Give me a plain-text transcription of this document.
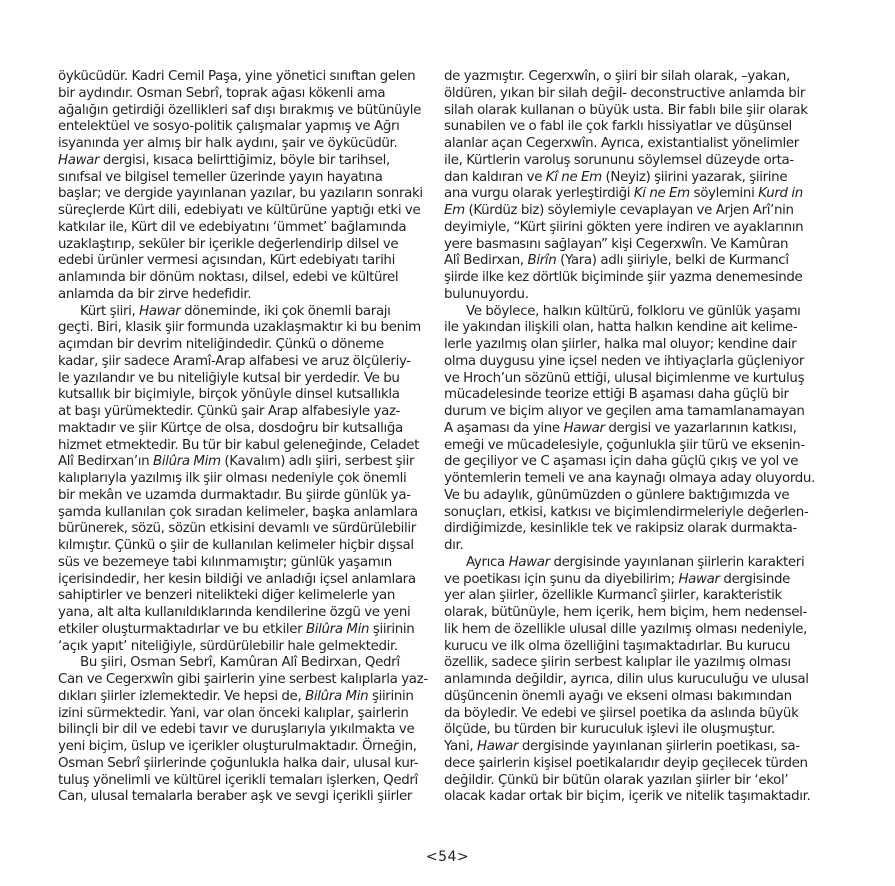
öykücüdür. Kadri Cemil Paşa, yine yönetici sınıftan gelen
bir aydındır. Osman Sebrî, toprak ağası kökenli ama
ağalığın getirdiği özellikleri saf dışı bırakmış ve bütünüyle
entelektüel ve sosyo-politik çalışmalar yapmış ve Ağrı
isyanında yer almış bir halk aydını, şair ve öykücüdür.
Hawar dergisi, kısaca belirttiğimiz, böyle bir tarihsel,
sınıfsal ve bilgisel temeller üzerinde yayın hayatına
başlar; ve dergide yayınlanan yazılar, bu yazıların sonraki
süreçlerde Kürt dili, edebiyatı ve kültürüne yaptığı etki ve
katkılar ile, Kürt dil ve edebiyatını ‘ümmet’ bağlamında
uzaklaştırıp, seküler bir içerikle değerlendirip dilsel ve
edebi ürünler vermesi açısından, Kürt edebiyatı tarihi
anlamında bir dönüm noktası, dilsel, edebi ve kültürel
anlamda da bir zirve hedefidir.
Kürt şiiri, Hawar döneminde, iki çok önemli barajı
geçti. Biri, klasik şiir formunda uzaklaşmaktır ki bu benim
açımdan bir devrim niteliğindedir. Çünkü o döneme
kadar, şiir sadece Aramî-Arap alfabesi ve aruz ölçüleriy-
le yazılandır ve bu niteliğiyle kutsal bir yerdedir. Ve bu
kutsallık bir biçimiyle, birçok yönüyle dinsel kutsallıkla
at başı yürümektedir. Çünkü şair Arap alfabesiyle yaz-
maktadır ve şiir Kürtçe de olsa, dosdoğru bir kutsallığa
hizmet etmektedir. Bu tür bir kabul geleneğinde, Celadet
Alî Bedirxan’ın Bilûra Mim (Kavalım) adlı şiiri, serbest şiir
kalıplarıyla yazılmış ilk şiir olması nedeniyle çok önemli
bir mekân ve uzamda durmaktadır. Bu şiirde günlük ya-
şamda kullanılan çok sıradan kelimeler, başka anlamlara
bürünerek, sözü, sözün etkisini devamlı ve sürdürülebilir
kılmıştır. Çünkü o şiir de kullanılan kelimeler hiçbir dışsal
süs ve bezemeye tabi kılınmamıştır; günlük yaşamın
içerisindedir, her kesin bildiği ve anladığı içsel anlamlara
sahiptirler ve benzeri nitelikteki diğer kelimelerle yan
yana, alt alta kullanıldıklarında kendilerine özgü ve yeni
etkiler oluşturmaktadırlar ve bu etkiler Bilûra Min şiirinin
‘açık yapıt’ niteliğiyle, sürdürülebilir hale gelmektedir.
Bu şiiri, Osman Sebrî, Kamûran Alî Bedirxan, Qedrî
Can ve Cegerxwîn gibi şairlerin yine serbest kalıplarla yaz-
dıkları şiirler izlemektedir. Ve hepsi de, Bilûra Min şiirinin
izini sürmektedir. Yani, var olan önceki kalıplar, şairlerin
bilinçli bir dil ve edebi tavır ve duruşlarıyla yıkılmakta ve
yeni biçim, üslup ve içerikler oluşturulmaktadır. Örneğin,
Osman Sebrî şiirlerinde çoğunlukla halka dair, ulusal kur-
tuluş yönelimli ve kültürel içerikli temaları işlerken, Qedrî
Can, ulusal temalarla beraber aşk ve sevgi içerikli şiirler
de yazmıştır. Cegerxwîn, o şiiri bir silah olarak, –yakan,
öldüren, yıkan bir silah değil- deconstructive anlamda bir
silah olarak kullanan o büyük usta. Bir fablı bile şiir olarak
sunabilen ve o fabl ile çok farklı hissiyatlar ve düşünsel
alanlar açan Cegerxwîn. Ayrıca, existantialist yönelimler
ile, Kürtlerin varoluş sorununu söylemsel düzeyde orta-
dan kaldıran ve Kî ne Em (Neyiz) şiirini yazarak, şiirine
ana vurgu olarak yerleştirdiği Ki ne Em söylemini Kurd in
Em (Kürdüz biz) söylemiyle cevaplayan ve Arjen Arî’nin
deyimiyle, “Kürt şiirini gökten yere indiren ve ayaklarının
yere basmasını sağlayan” kişi Cegerxwîn. Ve Kamûran
Alî Bedirxan, Birîn (Yara) adlı şiiriyle, belki de Kurmancî
şiirde ilke kez dörtlük biçiminde şiir yazma denemesinde
bulunuyordu.
Ve böylece, halkın kültürü, folkloru ve günlük yaşamı
ile yakından ilişkili olan, hatta halkın kendine ait kelime-
lerle yazılmış olan şiirler, halka mal oluyor; kendine dair
olma duygusu yine içsel neden ve ihtiyaçlarla güçleniyor
ve Hroch’un sözünü ettiği, ulusal biçimlenme ve kurtuluş
mücadelesinde teorize ettiği B aşaması daha güçlü bir
durum ve biçim alıyor ve geçilen ama tamamlanamayan
A aşaması da yine Hawar dergisi ve yazarlarının katkısı,
emeği ve mücadelesiyle, çoğunlukla şiir türü ve eksenin-
de geçiliyor ve C aşaması için daha güçlü çıkış ve yol ve
yöntemlerin temeli ve ana kaynağı olmaya aday oluyordu.
Ve bu adaylık, günümüzden o günlere baktığımızda ve
sonuçları, etkisi, katkısı ve biçimlendirmeleriyle değerlen-
dirdiğimizde, kesinlikle tek ve rakipsiz olarak durmakta-
dır.
Ayrıca Hawar dergisinde yayınlanan şiirlerin karakteri
ve poetikası için şunu da diyebilirim; Hawar dergisinde
yer alan şiirler, özellikle Kurmancî şiirler, karakteristik
olarak, bütünüyle, hem içerik, hem biçim, hem nedensel-
lik hem de özellikle ulusal dille yazılmış olması nedeniyle,
kurucu ve ilk olma özelliğini taşımaktadırlar. Bu kurucu
özellik, sadece şiirin serbest kalıplar ile yazılmış olması
anlamında değildir, ayrıca, dilin ulus kuruculuğu ve ulusal
düşüncenin önemli ayağı ve ekseni olması bakımından
da böyledir. Ve edebi ve şiirsel poetika da aslında büyük
ölçüde, bu türden bir kuruculuk işlevi ile oluşmuştur.
Yani, Hawar dergisinde yayınlanan şiirlerin poetikası, sa-
dece şairlerin kişisel poetikalarıdır deyip geçilecek türden
değildir. Çünkü bir bütün olarak yazılan şiirler bir ‘ekol’
olacak kadar ortak bir biçim, içerik ve nitelik taşımaktadır.
<54>
